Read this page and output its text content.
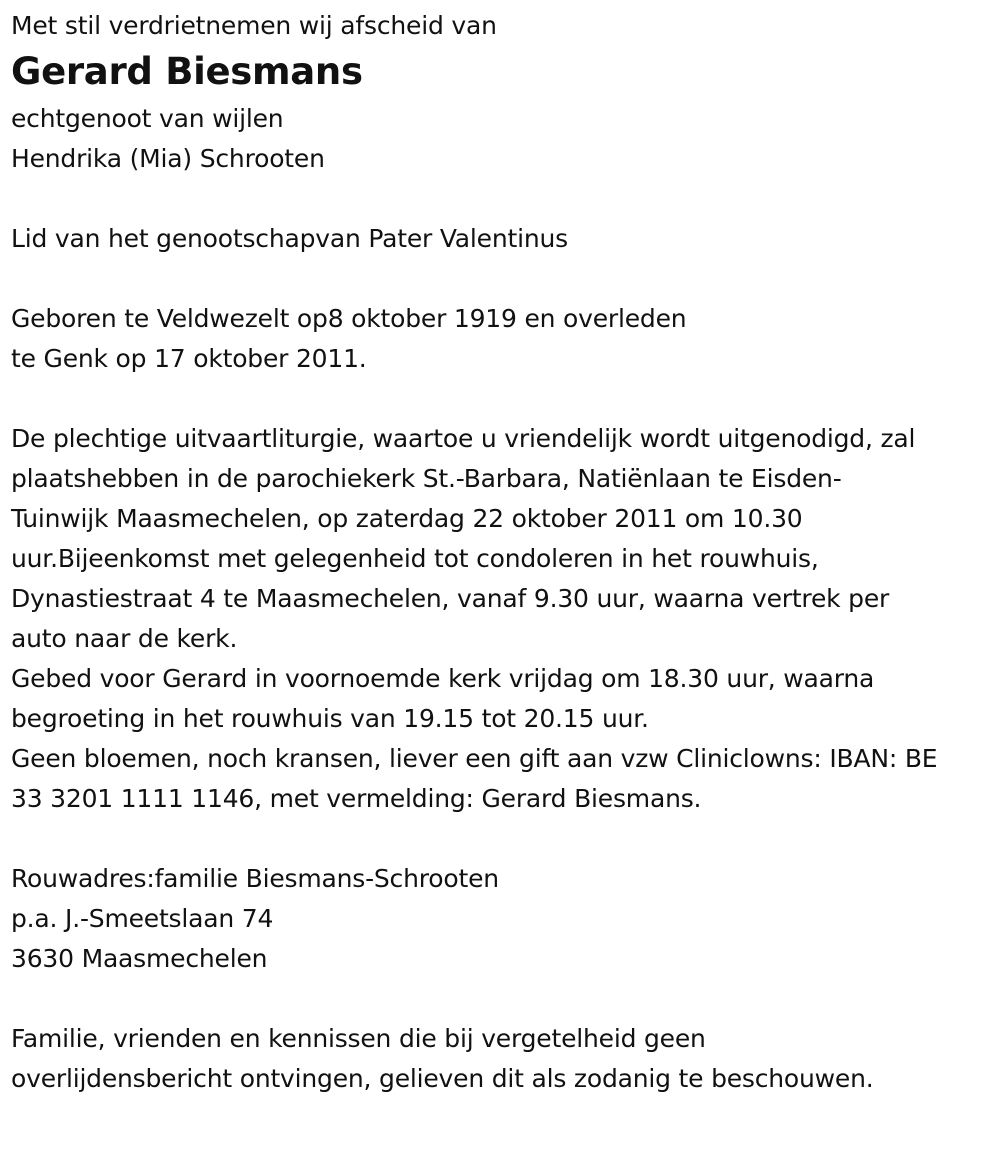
Met stil verdrietnemen wij afscheid van
Gerard Biesmans
echtgenoot van wijlen
Hendrika (Mia) Schrooten
Lid van het genootschapvan Pater Valentinus
Geboren te Veldwezelt op8 oktober 1919 en overleden
te Genk op 17 oktober 2011.
De plechtige uitvaartliturgie, waartoe u vriendelijk wordt uitgenodigd, zal
plaatshebben in de parochiekerk St.-Barbara, Natiënlaan te Eisden-
Tuinwijk Maasmechelen, op zaterdag 22 oktober 2011 om 10.30
uur.Bijeenkomst met gelegenheid tot condoleren in het rouwhuis,
Dynastiestraat 4 te Maasmechelen, vanaf 9.30 uur, waarna vertrek per
auto naar de kerk.
Gebed voor Gerard in voornoemde kerk vrijdag om 18.30 uur, waarna
begroeting in het rouwhuis van 19.15 tot 20.15 uur.
Geen bloemen, noch kransen, liever een gift aan vzw Cliniclowns: IBAN: BE
33 3201 1111 1146, met vermelding: Gerard Biesmans.
Rouwadres:familie Biesmans-Schrooten
p.a. J.-Smeetslaan 74
3630 Maasmechelen
Familie, vrienden en kennissen die bij vergetelheid geen
overlijdensbericht ontvingen, gelieven dit als zodanig te beschouwen.
